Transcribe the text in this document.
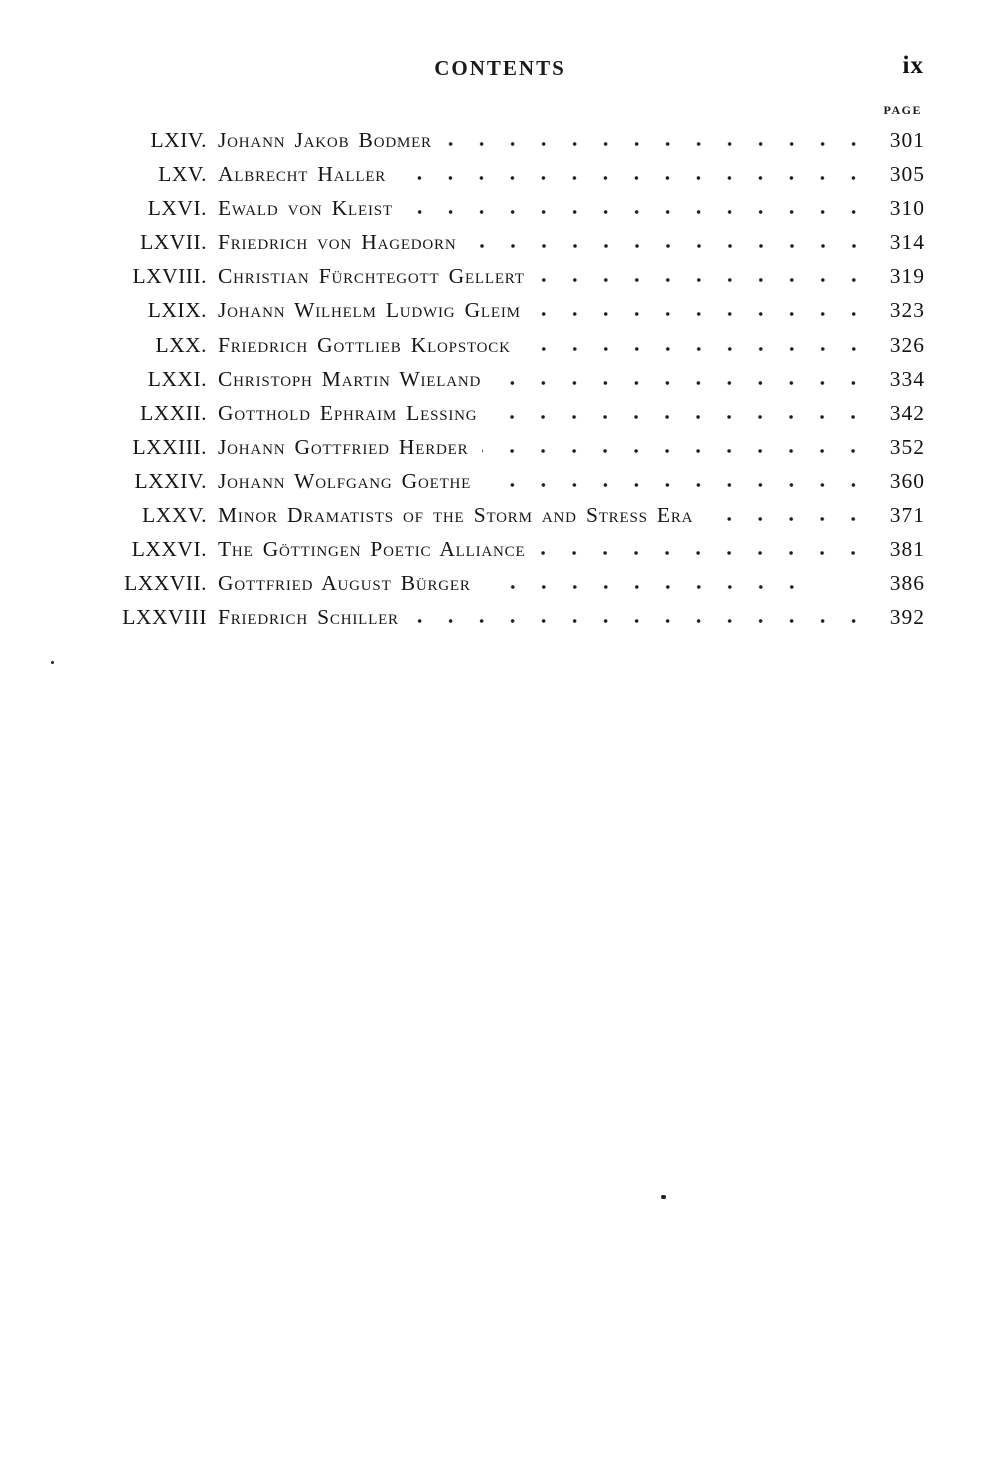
CONTENTS	ix
PAGE
LXIV. Johann Jakob Bodmer	301
LXV. Albrecht Haller	305
LXVI. Ewald von Kleist	310
LXVII. Friedrich von Hagedorn	314
LXVIII. Christian Fürchtegott Gellert	319
LXIX. Johann Wilhelm Ludwig Gleim	323
LXX. Friedrich Gottlieb Klopstock	326
LXXI. Christoph Martin Wieland	334
LXXII. Gotthold Ephraim Lessing	342
LXXIII. Johann Gottfried Herder	352
LXXIV. Johann Wolfgang Goethe	360
LXXV. Minor Dramatists of the Storm and Stress Era	371
LXXVI. The Göttingen Poetic Alliance	381
LXXVII. Gottfried August Bürger	386
LXXVIII Friedrich Schiller	392
